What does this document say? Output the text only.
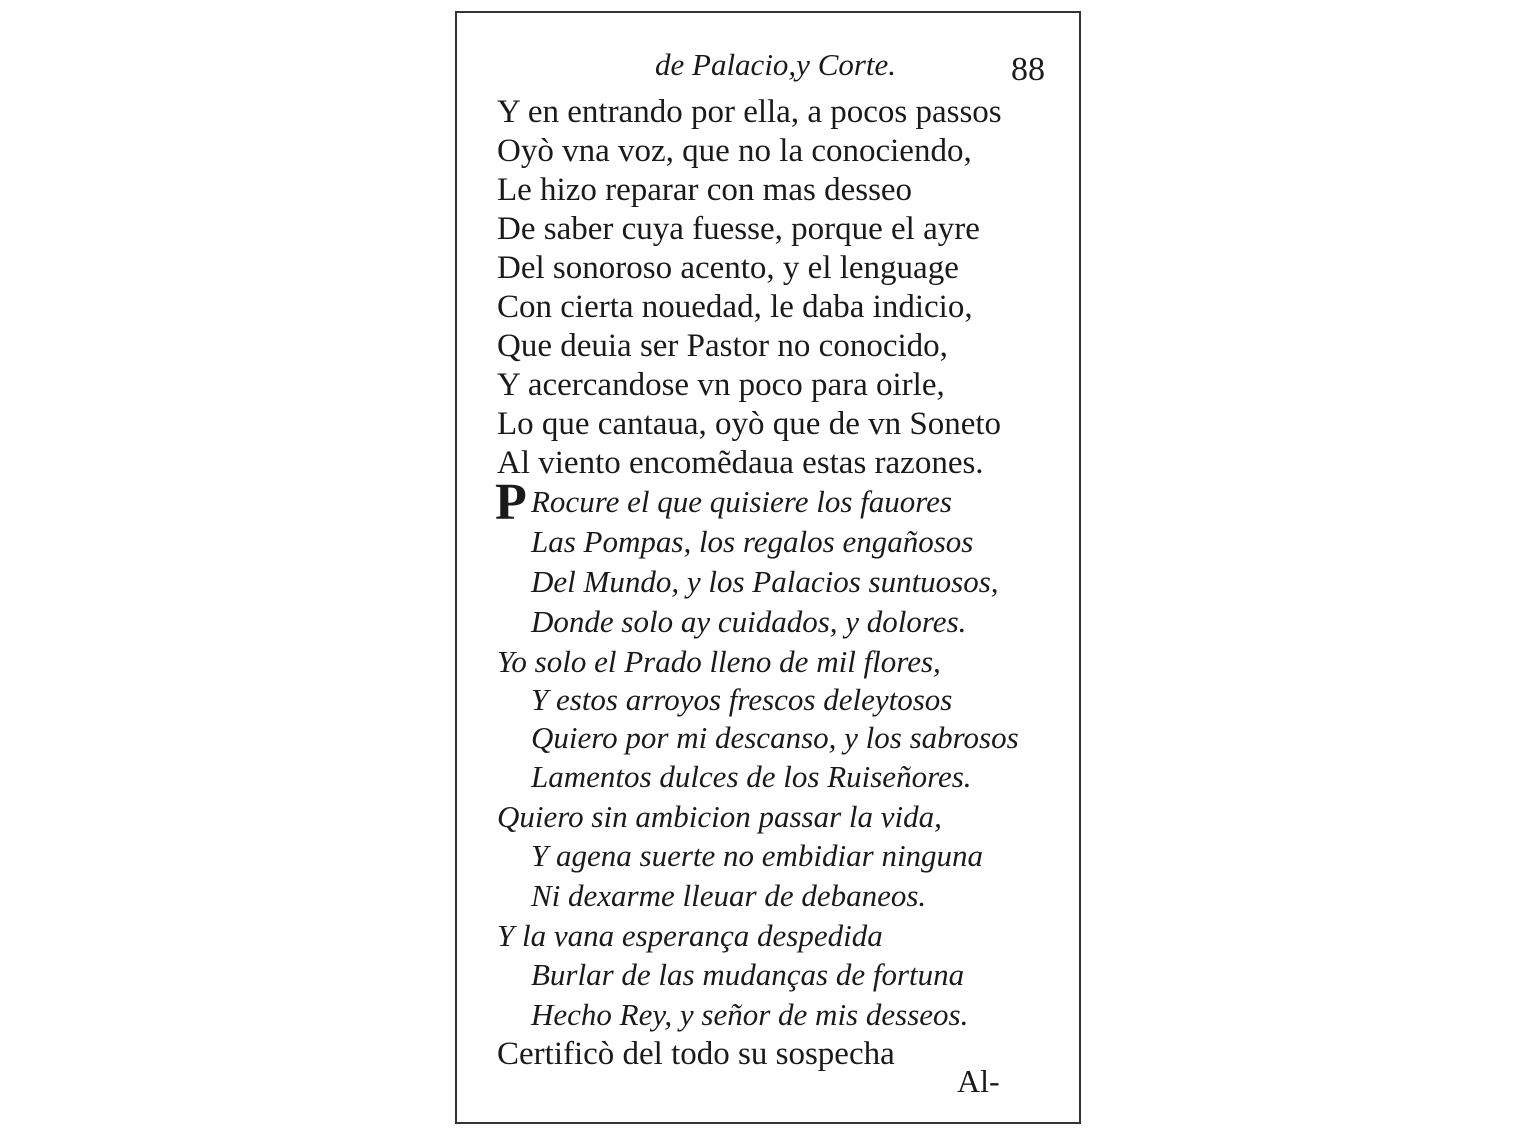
de Palacio,y Corte.	88
Y en entrando por ella, a pocos passos
Oyò vna voz, que no la conociendo,
Le hizo reparar con mas desseo
De saber cuya fuesse, porque el ayre
Del sonoroso acento, y el lenguage
Con cierta nouedad, le daba indicio,
Que deuia ser Pastor no conocido,
Y acercandose vn poco para oirle,
Lo que cantaua, oyò que de vn Soneto
Al viento encomẽdaua estas razones.
P Rocure el que quisiere los fauores
Las Pompas, los regalos engañosos
Del Mundo, y los Palacios suntuosos,
Donde solo ay cuidados, y dolores.
Yo solo el Prado lleno de mil flores,
Y estos arroyos frescos deleytosos
Quiero por mi descanso, y los sabrosos
Lamentos dulces de los Ruiseñores.
Quiero sin ambicion passar la vida,
Y agena suerte no embidiar ninguna
Ni dexarme lleuar de debaneos.
Y la vana esperança despedida
Burlar de las mudanças de fortuna
Hecho Rey, y señor de mis desseos.
Certificò del todo su sospecha
Al-
